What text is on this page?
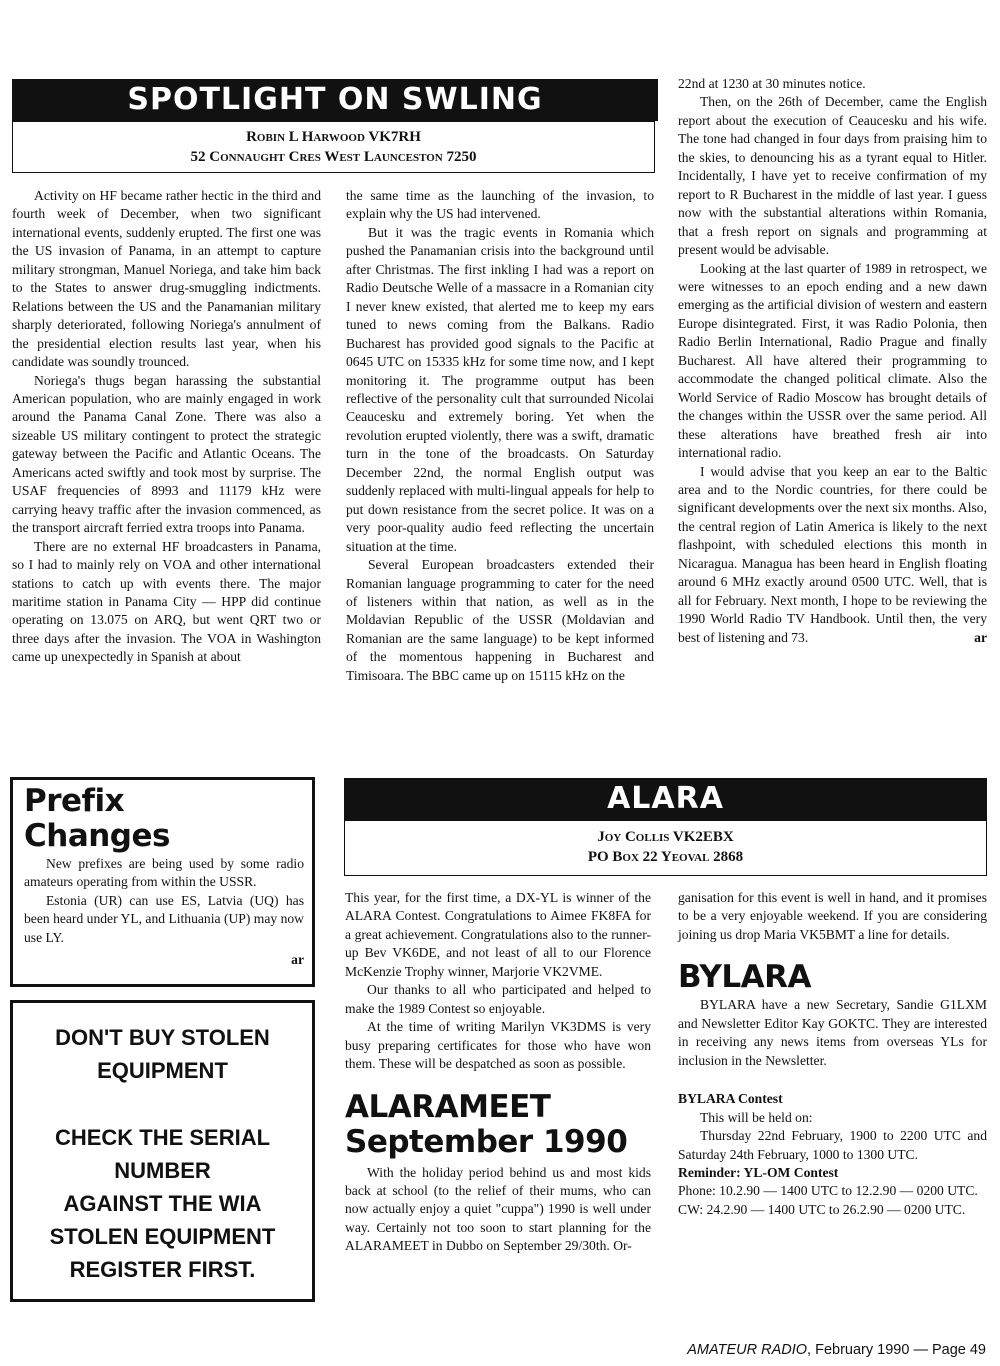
SPOTLIGHT ON SWLING
Robin L Harwood VK7RH
52 Connaught Cres West Launceston 7250

Activity on HF became rather hectic in the third and fourth week of December, when two significant international events, suddenly erupted. The first one was the US invasion of Panama, in an attempt to capture military strongman, Manuel Noriega, and take him back to the States to answer drug-smuggling indictments. Relations between the US and the Panamanian military sharply deteriorated, following Noriega's annulment of the presidential election results last year, when his candidate was soundly trounced.

Noriega's thugs began harassing the substantial American population, who are mainly engaged in work around the Panama Canal Zone. There was also a sizeable US military contingent to protect the strategic gateway between the Pacific and Atlantic Oceans. The Americans acted swiftly and took most by surprise. The USAF frequencies of 8993 and 11179 kHz were carrying heavy traffic after the invasion commenced, as the transport aircraft ferried extra troops into Panama.

There are no external HF broadcasters in Panama, so I had to mainly rely on VOA and other international stations to catch up with events there. The major maritime station in Panama City — HPP did continue operating on 13.075 on ARQ, but went QRT two or three days after the invasion. The VOA in Washington came up unexpectedly in Spanish at about

the same time as the launching of the invasion, to explain why the US had intervened.

But it was the tragic events in Romania which pushed the Panamanian crisis into the background until after Christmas. The first inkling I had was a report on Radio Deutsche Welle of a massacre in a Romanian city I never knew existed, that alerted me to keep my ears tuned to news coming from the Balkans. Radio Bucharest has provided good signals to the Pacific at 0645 UTC on 15335 kHz for some time now, and I kept monitoring it. The programme output has been reflective of the personality cult that surrounded Nicolai Ceaucesku and extremely boring. Yet when the revolution erupted violently, there was a swift, dramatic turn in the tone of the broadcasts. On Saturday December 22nd, the normal English output was suddenly replaced with multi-lingual appeals for help to put down resistance from the secret police. It was on a very poor-quality audio feed reflecting the uncertain situation at the time.

Several European broadcasters extended their Romanian language programming to cater for the need of listeners within that nation, as well as in the Moldavian Republic of the USSR (Moldavian and Romanian are the same language) to be kept informed of the momentous happening in Bucharest and Timisoara. The BBC came up on 15115 kHz on the

22nd at 1230 at 30 minutes notice.

Then, on the 26th of December, came the English report about the execution of Ceaucesku and his wife. The tone had changed in four days from praising him to the skies, to denouncing his as a tyrant equal to Hitler. Incidentally, I have yet to receive confirmation of my report to R Bucharest in the middle of last year. I guess now with the substantial alterations within Romania, that a fresh report on signals and programming at present would be advisable.

Looking at the last quarter of 1989 in retrospect, we were witnesses to an epoch ending and a new dawn emerging as the artificial division of western and eastern Europe disintegrated. First, it was Radio Polonia, then Radio Berlin International, Radio Prague and finally Bucharest. All have altered their programming to accommodate the changed political climate. Also the World Service of Radio Moscow has brought details of the changes within the USSR over the same period. All these alterations have breathed fresh air into international radio.

I would advise that you keep an ear to the Baltic area and to the Nordic countries, for there could be significant developments over the next six months. Also, the central region of Latin America is likely to the next flashpoint, with scheduled elections this month in Nicaragua. Managua has been heard in English floating around 6 MHz exactly around 0500 UTC. Well, that is all for February. Next month, I hope to be reviewing the 1990 World Radio TV Handbook. Until then, the very best of listening and 73.	ar
Prefix
Changes

New prefixes are being used by some radio amateurs operating from within the USSR.

Estonia (UR) can use ES, Latvia (UQ) has been heard under YL, and Lithuania (UP) may now use LY.

ar
DON'T BUY STOLEN
EQUIPMENT
CHECK THE SERIAL
NUMBER
AGAINST THE WIA
STOLEN EQUIPMENT
REGISTER FIRST.
ALARA
Joy Collis VK2EBX
PO Box 22 Yeoval 2868

This year, for the first time, a DX-YL is winner of the ALARA Contest. Congratulations to Aimee FK8FA for a great achievement. Congratulations also to the runner-up Bev VK6DE, and not least of all to our Florence McKenzie Trophy winner, Marjorie VK2VME.

Our thanks to all who participated and helped to make the 1989 Contest so enjoyable.

At the time of writing Marilyn VK3DMS is very busy preparing certificates for those who have won them. These will be despatched as soon as possible.

ALARAMEET
September 1990

With the holiday period behind us and most kids back at school (to the relief of their mums, who can now actually enjoy a quiet "cuppa") 1990 is well under way. Certainly not too soon to start planning for the ALARAMEET in Dubbo on September 29/30th. Or-

ganisation for this event is well in hand, and it promises to be a very enjoyable weekend. If you are considering joining us drop Maria VK5BMT a line for details.

BYLARA

BYLARA have a new Secretary, Sandie G1LXM and Newsletter Editor Kay GOKTC. They are interested in receiving any news items from overseas YLs for inclusion in the Newsletter.

BYLARA Contest

This will be held on:

Thursday 22nd February, 1900 to 2200 UTC and Saturday 24th February, 1000 to 1300 UTC.

Reminder: YL-OM Contest

Phone: 10.2.90 — 1400 UTC to 12.2.90 — 0200 UTC.

CW: 24.2.90 — 1400 UTC to 26.2.90 — 0200 UTC.

AMATEUR RADIO, February 1990 — Page 49
